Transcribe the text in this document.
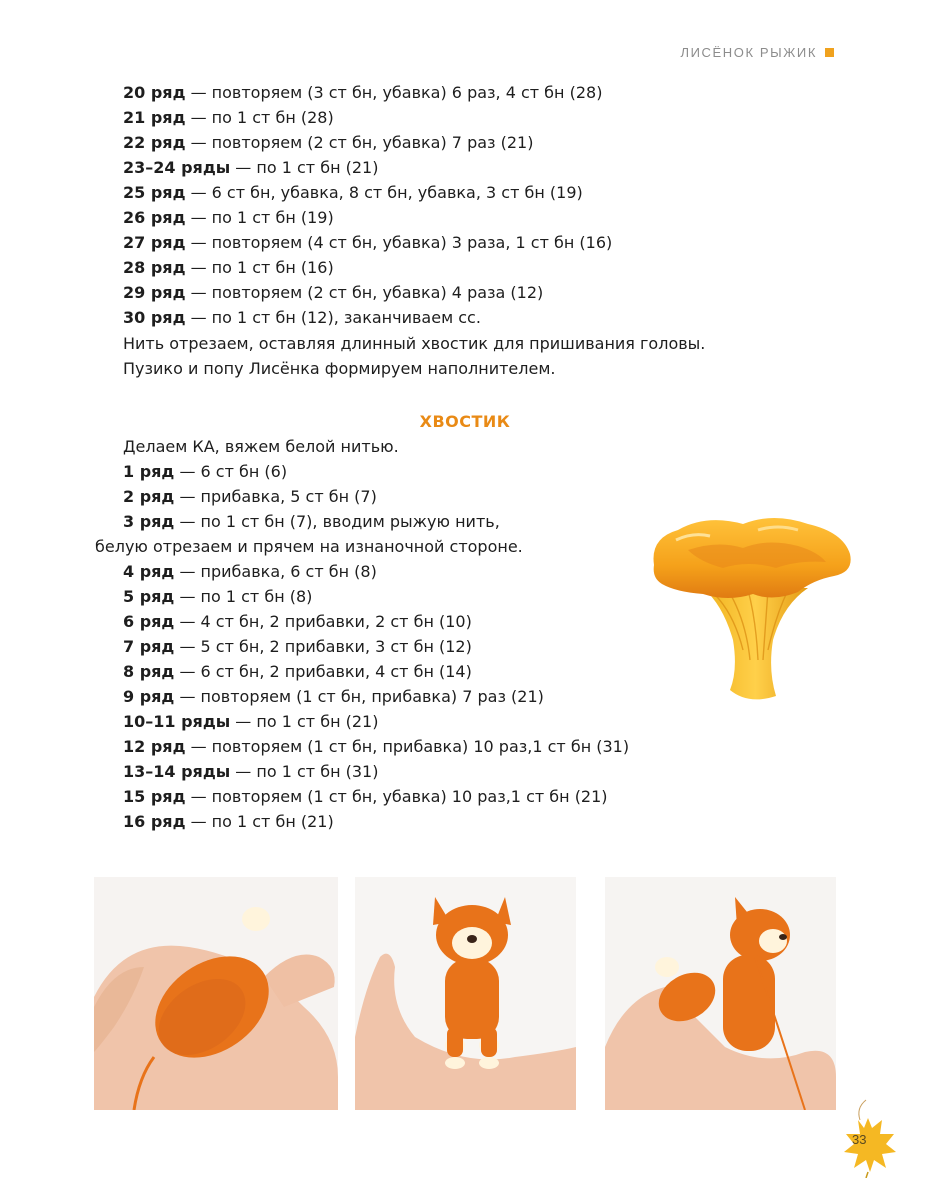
ЛИСЁНОК РЫЖИК
20 ряд — повторяем (3 ст бн, убавка) 6 раз, 4 ст бн (28)
21 ряд — по 1 ст бн (28)
22 ряд — повторяем (2 ст бн, убавка) 7 раз (21)
23–24 ряды — по 1 ст бн (21)
25 ряд — 6 ст бн, убавка, 8 ст бн, убавка, 3 ст бн (19)
26 ряд — по 1 ст бн (19)
27 ряд — повторяем (4 ст бн, убавка) 3 раза, 1 ст бн (16)
28 ряд — по 1 ст бн (16)
29 ряд — повторяем (2 ст бн, убавка) 4 раза (12)
30 ряд — по 1 ст бн (12), заканчиваем сс.
Нить отрезаем, оставляя длинный хвостик для пришивания головы.
Пузико и попу Лисёнка формируем наполнителем.
ХВОСТИК
Делаем КА, вяжем белой нитью.
1 ряд — 6 ст бн (6)
2 ряд — прибавка, 5 ст бн (7)
3 ряд — по 1 ст бн (7), вводим рыжую нить,
белую отрезаем и прячем на изнаночной стороне.
4 ряд — прибавка, 6 ст бн (8)
5 ряд — по 1 ст бн (8)
6 ряд — 4 ст бн, 2 прибавки, 2 ст бн (10)
7 ряд — 5 ст бн, 2 прибавки, 3 ст бн (12)
8 ряд — 6 ст бн, 2 прибавки, 4 ст бн (14)
9 ряд — повторяем (1 ст бн, прибавка) 7 раз (21)
10–11 ряды — по 1 ст бн (21)
12 ряд — повторяем (1 ст бн, прибавка) 10 раз,1 ст бн (31)
13–14 ряды — по 1 ст бн (31)
15 ряд — повторяем (1 ст бн, убавка) 10 раз,1 ст бн (21)
16 ряд — по 1 ст бн (21)
33
